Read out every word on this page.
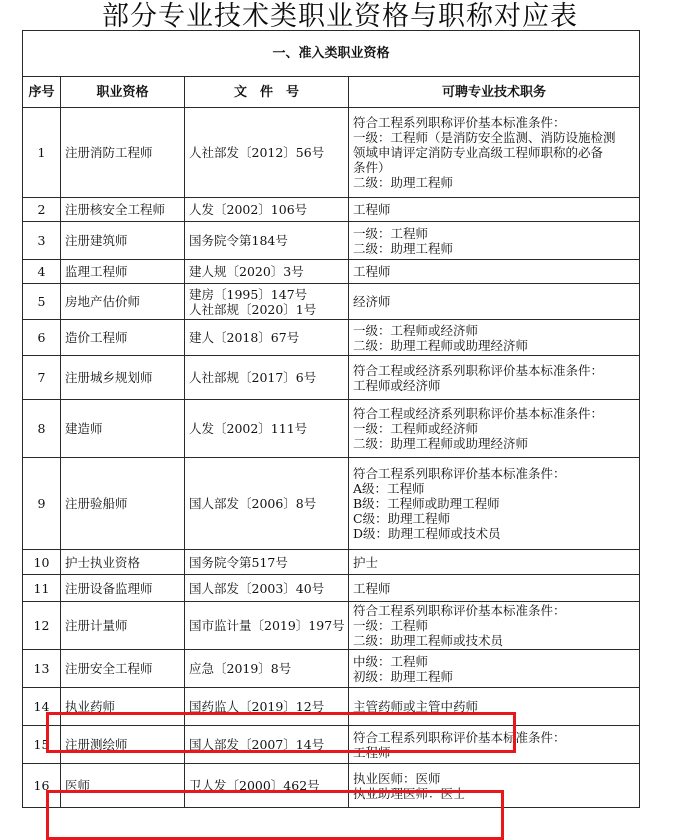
部分专业技术类职业资格与职称对应表
一、准入类职业资格			
序号	职业资格	文　件　号	可聘专业技术职务
1	注册消防工程师	人社部发〔2012〕56号	符合工程系列职称评价基本标准条件：
一级：工程师（是消防安全监测、消防设施检测
领域申请评定消防专业高级工程师职称的必备
条件）
二级：助理工程师

2	注册核安全工程师	人发〔2002〕106号	工程师

3	注册建筑师	国务院令第184号	一级：工程师
二级：助理工程师

4	监理工程师	建人规〔2020〕3号	工程师

5	房地产估价师	建房〔1995〕147号
人社部规〔2020〕1号	经济师

6	造价工程师	建人〔2018〕67号	一级：工程师或经济师
二级：助理工程师或助理经济师

7	注册城乡规划师	人社部规〔2017〕6号	符合工程或经济系列职称评价基本标准条件：
工程师或经济师

8	建造师	人发〔2002〕111号	符合工程或经济系列职称评价基本标准条件：
一级：工程师或经济师
二级：助理工程师或助理经济师

9	注册验船师	国人部发〔2006〕8号	符合工程系列职称评价基本标准条件：
A级：工程师
B级：工程师或助理工程师
C级：助理工程师
D级：助理工程师或技术员

10	护士执业资格	国务院令第517号	护士

11	注册设备监理师	国人部发〔2003〕40号	工程师

12	注册计量师	国市监计量〔2019〕197号	符合工程系列职称评价基本标准条件：
一级：工程师
二级：助理工程师或技术员

13	注册安全工程师	应急〔2019〕8号	中级：工程师
初级：助理工程师

14	执业药师	国药监人〔2019〕12号	主管药师或主管中药师

15	注册测绘师	国人部发〔2007〕14号	符合工程系列职称评价基本标准条件：
工程师

16	医师	卫人发〔2000〕462号	执业医师：医师
执业助理医师：医士
